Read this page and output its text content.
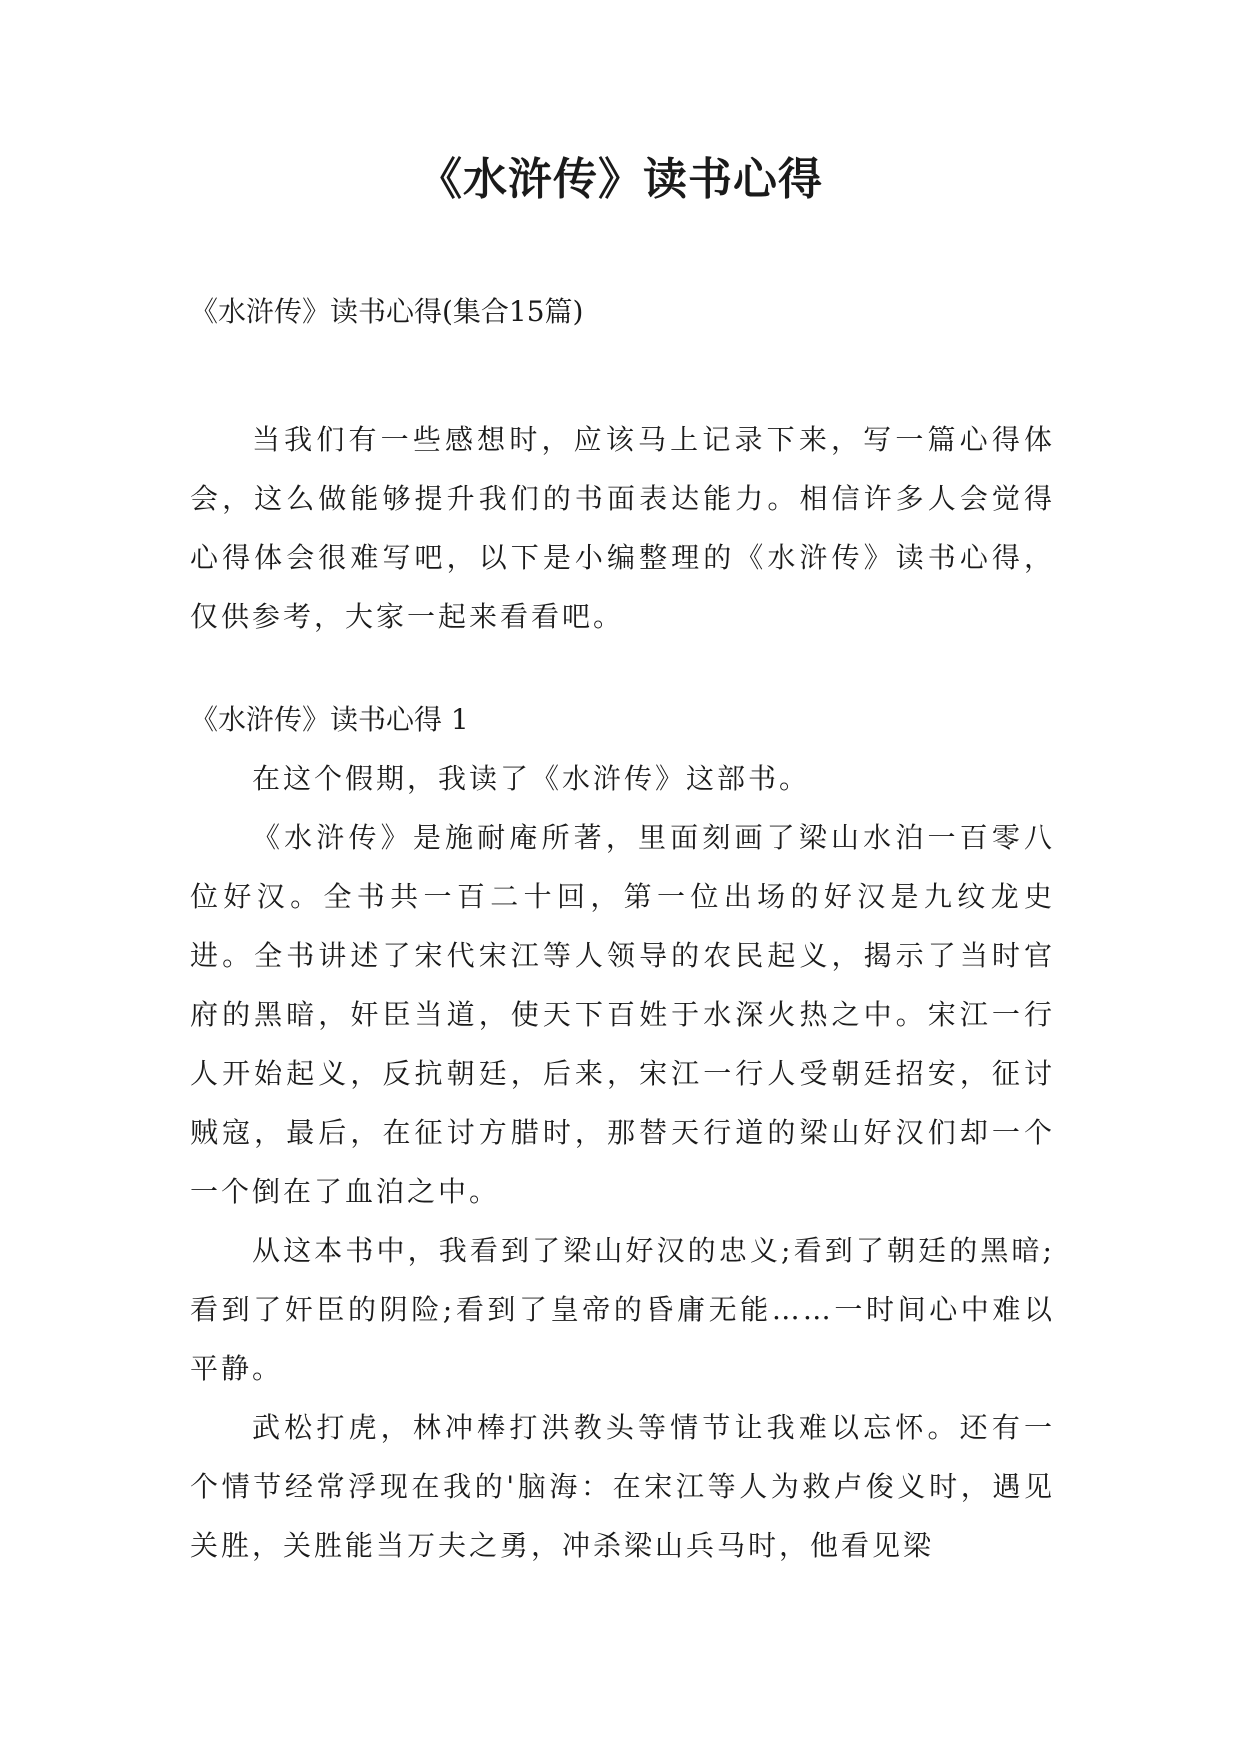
《水浒传》读书心得
《水浒传》读书心得(集合15篇)

当我们有一些感想时，应该马上记录下来，写一篇心得体会，这么做能够提升我们的书面表达能力。相信许多人会觉得心得体会很难写吧，以下是小编整理的《水浒传》读书心得，仅供参考，大家一起来看看吧。

《水浒传》读书心得 1

在这个假期，我读了《水浒传》这部书。

《水浒传》是施耐庵所著，里面刻画了梁山水泊一百零八位好汉。全书共一百二十回，第一位出场的好汉是九纹龙史进。全书讲述了宋代宋江等人领导的农民起义，揭示了当时官府的黑暗，奸臣当道，使天下百姓于水深火热之中。宋江一行人开始起义，反抗朝廷，后来，宋江一行人受朝廷招安，征讨贼寇，最后，在征讨方腊时，那替天行道的梁山好汉们却一个一个倒在了血泊之中。

从这本书中，我看到了梁山好汉的忠义;看到了朝廷的黑暗;看到了奸臣的阴险;看到了皇帝的昏庸无能……一时间心中难以平静。

武松打虎，林冲棒打洪教头等情节让我难以忘怀。还有一个情节经常浮现在我的'脑海：在宋江等人为救卢俊义时，遇见关胜，关胜能当万夫之勇，冲杀梁山兵马时，他看见梁
